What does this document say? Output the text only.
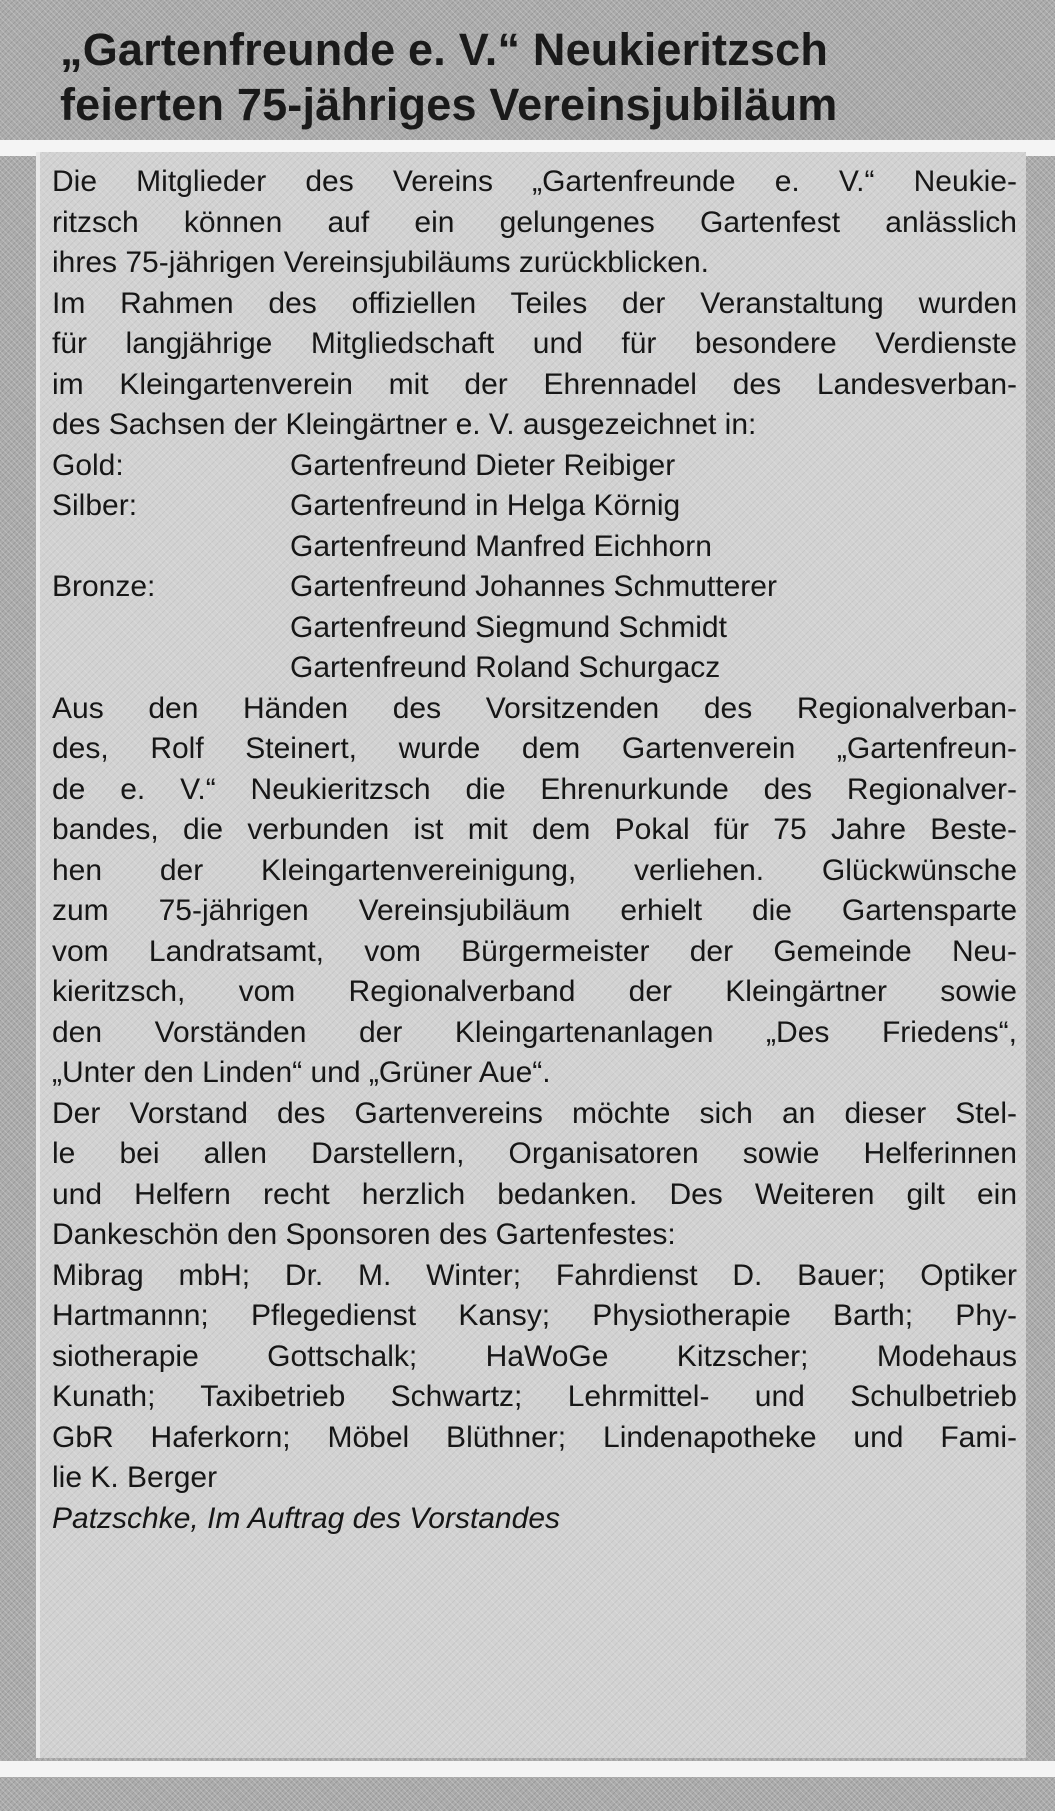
„Gartenfreunde e. V.“ Neukieritzsch
feierten 75-jähriges Vereinsjubiläum
Die Mitglieder des Vereins „Gartenfreunde e. V.“ Neukie-
ritzsch können auf ein gelungenes Gartenfest anlässlich
ihres 75-jährigen Vereinsjubiläums zurückblicken.
Im Rahmen des offiziellen Teiles der Veranstaltung wurden
für langjährige Mitgliedschaft und für besondere Verdienste
im Kleingartenverein mit der Ehrennadel des Landesverban-
des Sachsen der Kleingärtner e. V. ausgezeichnet in:
Gold:	Gartenfreund Dieter Reibiger
Silber:	Gartenfreund in Helga Körnig
Gartenfreund Manfred Eichhorn
Bronze:	Gartenfreund Johannes Schmutterer
Gartenfreund Siegmund Schmidt
Gartenfreund Roland Schurgacz
Aus den Händen des Vorsitzenden des Regionalverban-
des, Rolf Steinert, wurde dem Gartenverein „Gartenfreun-
de e. V.“ Neukieritzsch die Ehrenurkunde des Regionalver-
bandes, die verbunden ist mit dem Pokal für 75 Jahre Beste-
hen der Kleingartenvereinigung, verliehen. Glückwünsche
zum 75-jährigen Vereinsjubiläum erhielt die Gartensparte
vom Landratsamt, vom Bürgermeister der Gemeinde Neu-
kieritzsch, vom Regionalverband der Kleingärtner sowie
den Vorständen der Kleingartenanlagen „Des Friedens“,
„Unter den Linden“ und „Grüner Aue“.
Der Vorstand des Gartenvereins möchte sich an dieser Stel-
le bei allen Darstellern, Organisatoren sowie Helferinnen
und Helfern recht herzlich bedanken. Des Weiteren gilt ein
Dankeschön den Sponsoren des Gartenfestes:
Mibrag mbH; Dr. M. Winter; Fahrdienst D. Bauer; Optiker
Hartmannn; Pflegedienst Kansy; Physiotherapie Barth; Phy-
siotherapie Gottschalk; HaWoGe Kitzscher; Modehaus
Kunath; Taxibetrieb Schwartz; Lehrmittel- und Schulbetrieb
GbR Haferkorn; Möbel Blüthner; Lindenapotheke und Fami-
lie K. Berger
Patzschke, Im Auftrag des Vorstandes
